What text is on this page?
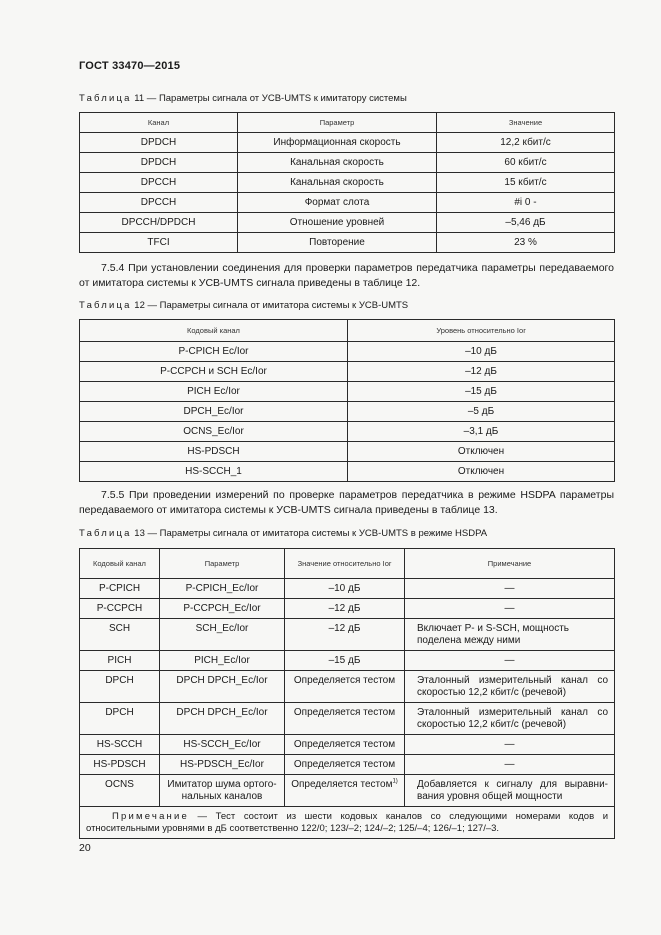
ГОСТ 33470—2015
Таблица 11 — Параметры сигнала от УСВ-UMTS к имитатору системы
Канал	Параметр	Значение
DPDCH	Информационная скорость	12,2 кбит/с
DPDCH	Канальная скорость	60 кбит/с
DPCCH	Канальная скорость	15 кбит/с
DPCCH	Формат слота	#i 0 -
DPCCH/DPDCH	Отношение уровней	–5,46 дБ
TFCI	Повторение	23 %
7.5.4 При установлении соединения для проверки параметров передатчика параметры передаваемого от имитатора системы к УСВ-UMTS сигнала приведены в таблице 12.
Таблица 12 — Параметры сигнала от имитатора системы к УСВ-UMTS
Кодовый канал	Уровень относительно Ior
P-CPICH Ec/Ior	–10 дБ
P-CCPCH и SCH Ec/Ior	–12 дБ
PICH Ec/Ior	–15 дБ
DPCH_Ec/Ior	–5 дБ
OCNS_Ec/Ior	–3,1 дБ
HS-PDSCH	Отключен
HS-SCCH_1	Отключен
7.5.5 При проведении измерений по проверке параметров передатчика в режиме HSDPA параметры передаваемого от имитатора системы к УСВ-UMTS сигнала приведены в таблице 13.
Таблица 13 — Параметры сигнала от имитатора системы к УСВ-UMTS в режиме HSDPA
Кодовый канал	Параметр	Значение относительно Ior	Примечание
P-CPICH	P-CPICH_Ec/Ior	–10 дБ	—
P-CCPCH	P-CCPCH_Ec/Ior	–12 дБ	—
SCH	SCH_Ec/Ior	–12 дБ	Включает P- и S-SCH, мощность поделена между ними
PICH	PICH_Ec/Ior	–15 дБ	—
DPCH	DPCH DPCH_Ec/Ior	Определяется тестом	Эталонный измерительный канал со скоростью 12,2 кбит/с (речевой)
DPCH	DPCH DPCH_Ec/Ior	Определяется тестом	Эталонный измерительный канал со скоростью 12,2 кбит/с (речевой)
HS-SCCH	HS-SCCH_Ec/Ior	Определяется тестом	—
HS-PDSCH	HS-PDSCH_Ec/Ior	Определяется тестом	—
OCNS	Имитатор шума ортого-нальных каналов	Определяется тестом$^{1)}$	Добавляется к сигналу для выравни-вания уровня общей мощности
Примечание — Тест состоит из шести кодовых каналов со следующими номерами кодов и относительными уровнями в дБ соответственно 122/0; 123/–2; 124/–2; 125/–4; 126/–1; 127/–3.			
20
